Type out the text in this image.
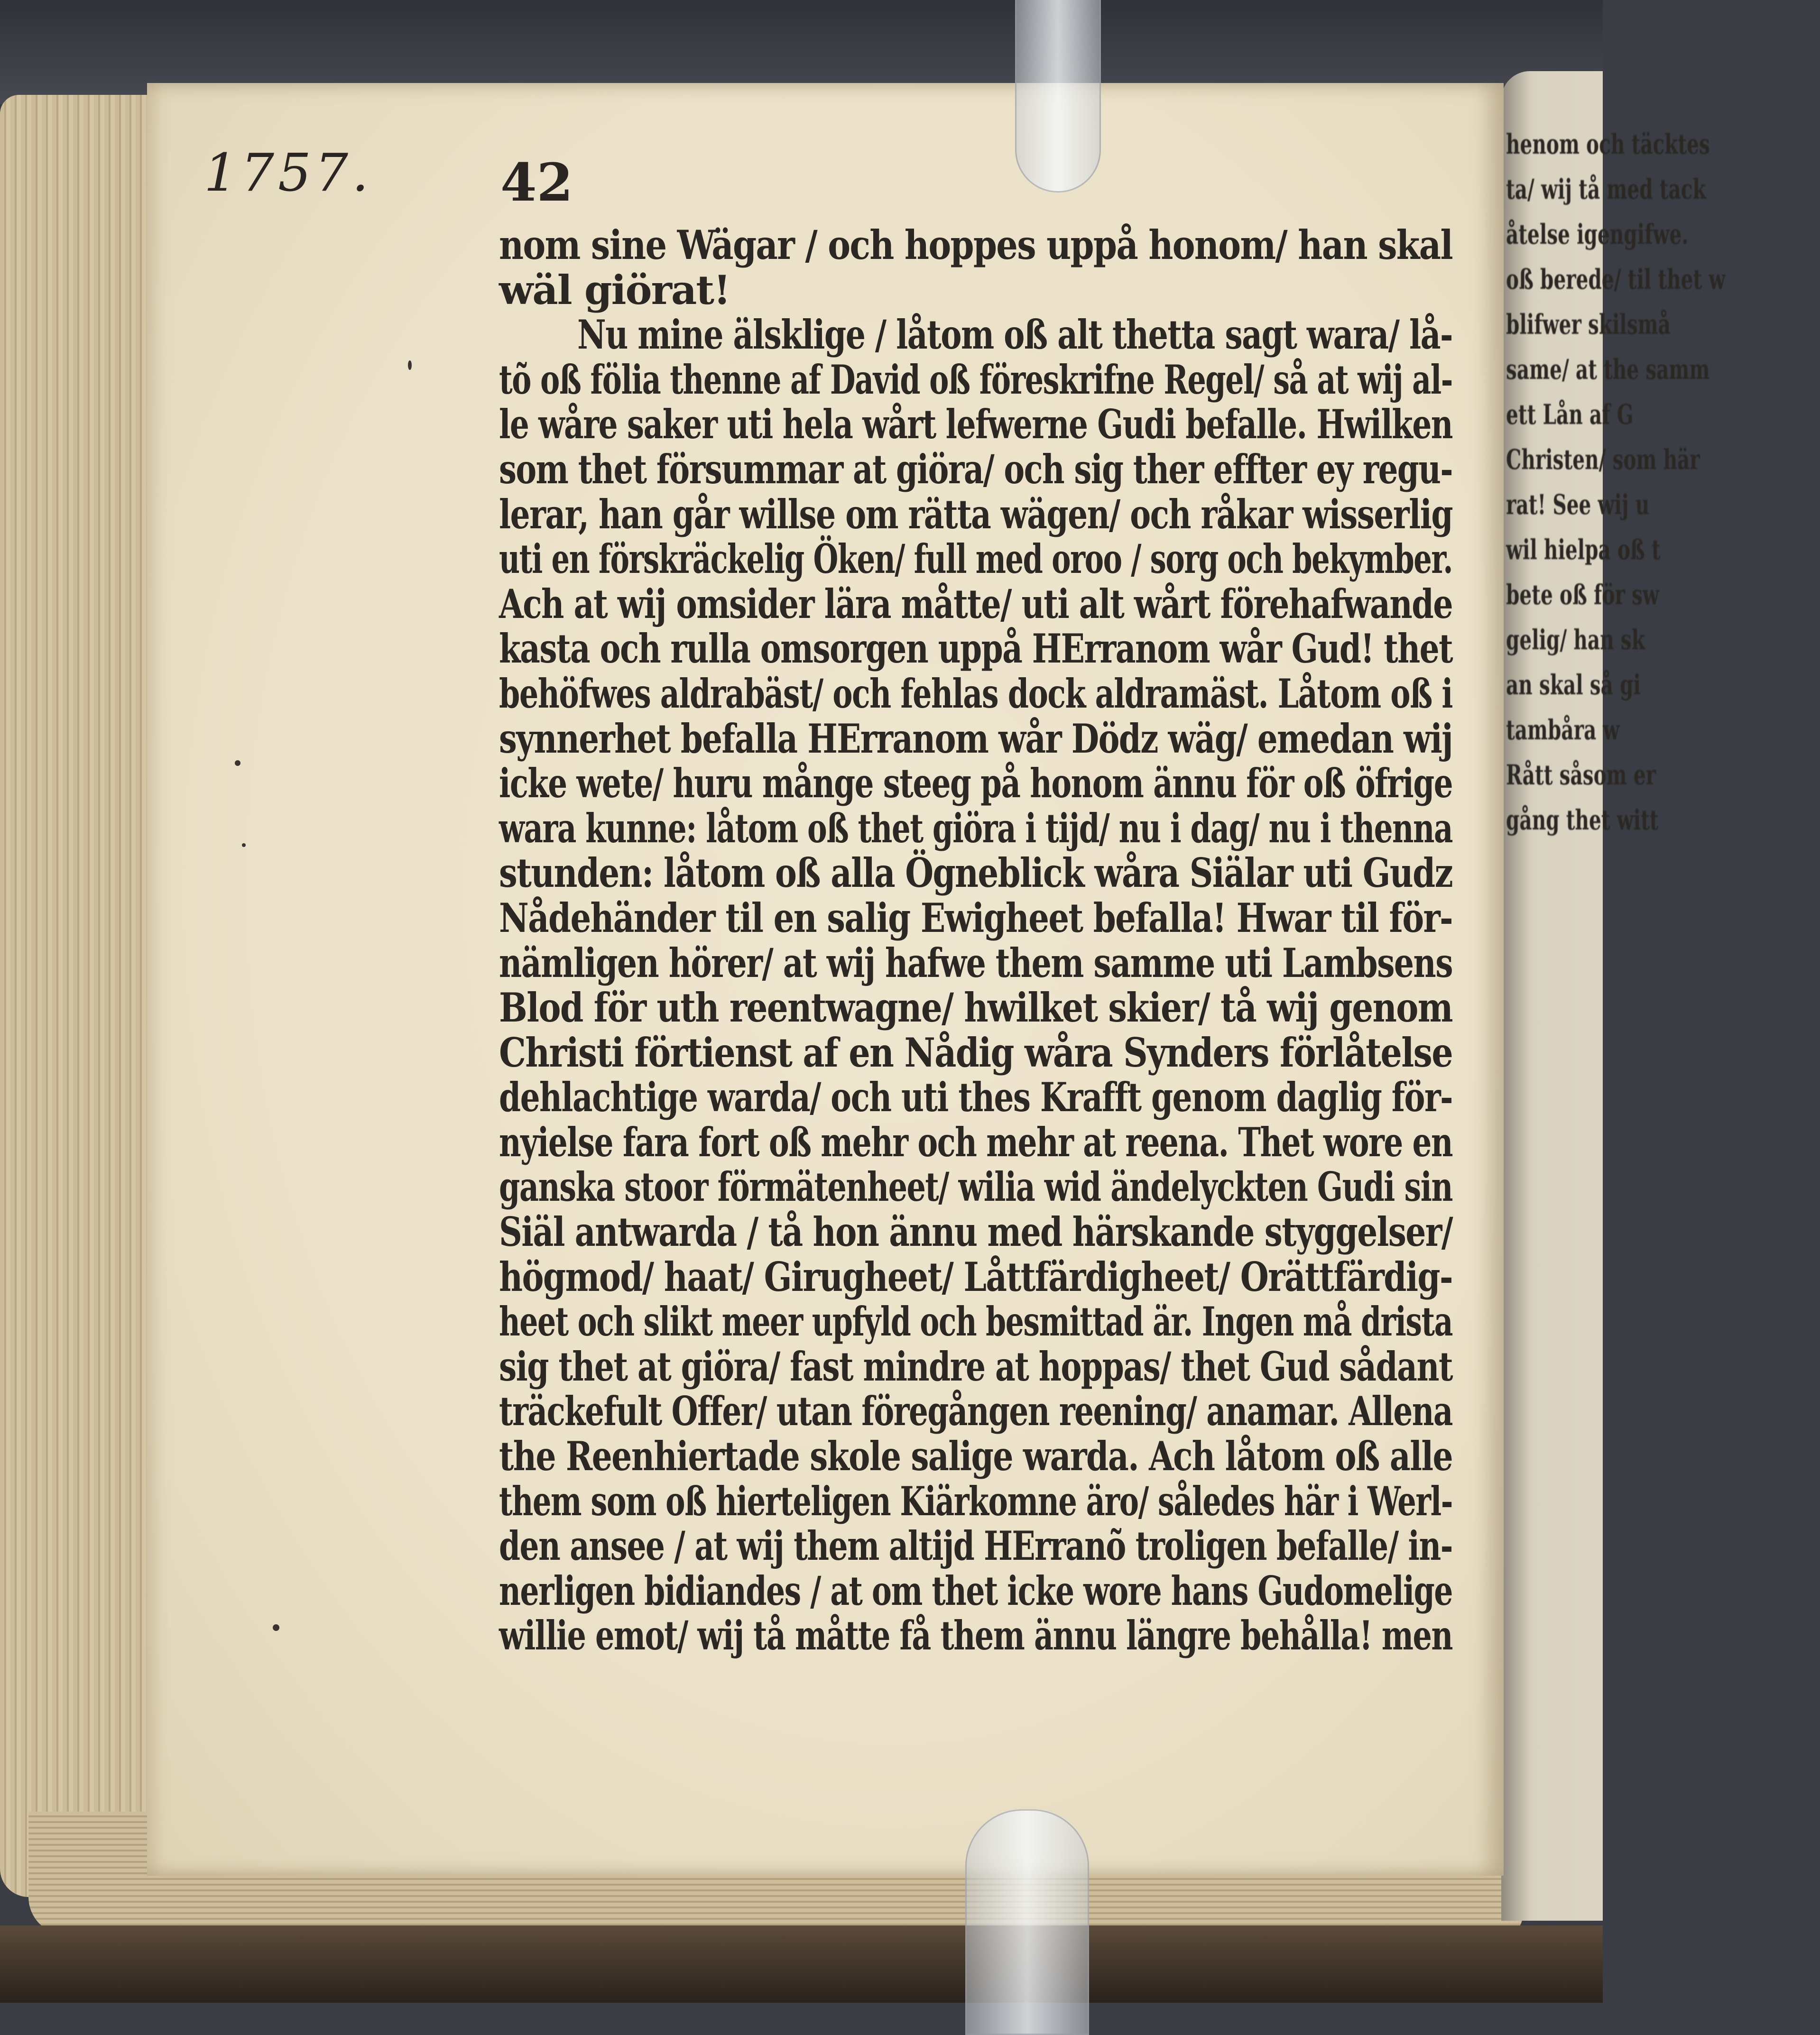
henom och täcktes
ta/ wij tå med tack
åtelse igengifwe.
oß berede/ til thet w
blifwer skilsmå
same/ at the samm
ett Lån af G
Christen/ som här
rat! See wij u
wil hielpa oß t
bete oß för sw
gelig/ han sk
an skal så gi
tambåra w
Rått såsom er
gång thet witt
1757. 42
nom sine Wägar / och hoppes uppå honom/ han skal
wäl giörat!
Nu mine älsklige / låtom oß alt thetta sagt wara/ lå-
tõ oß fölia thenne af David oß föreskrifne Regel/ så at wij al-
le wåre saker uti hela wårt lefwerne Gudi befalle. Hwilken
som thet försummar at giöra/ och sig ther effter ey regu-
lerar, han går willse om rätta wägen/ och råkar wisserlig
uti en förskräckelig Öken/ full med oroo / sorg och bekymber.
Ach at wij omsider lära måtte/ uti alt wårt förehafwande
kasta och rulla omsorgen uppå HErranom wår Gud! thet
behöfwes aldrabäst/ och fehlas dock aldramäst. Låtom oß i
synnerhet befalla HErranom wår Dödz wäg/ emedan wij
icke wete/ huru månge steeg på honom ännu för oß öfrige
wara kunne: låtom oß thet giöra i tijd/ nu i dag/ nu i thenna
stunden: låtom oß alla Ögneblick wåra Siälar uti Gudz
Nådehänder til en salig Ewigheet befalla! Hwar til för-
nämligen hörer/ at wij hafwe them samme uti Lambsens
Blod för uth reentwagne/ hwilket skier/ tå wij genom
Christi förtienst af en Nådig wåra Synders förlåtelse
dehlachtige warda/ och uti thes Krafft genom daglig för-
nyielse fara fort oß mehr och mehr at reena. Thet wore en
ganska stoor förmätenheet/ wilia wid ändelyckten Gudi sin
Siäl antwarda / tå hon ännu med härskande styggelser/
högmod/ haat/ Girugheet/ Låttfärdigheet/ Orättfärdig-
heet och slikt meer upfyld och besmittad är. Ingen må drista
sig thet at giöra/ fast mindre at hoppas/ thet Gud sådant
träckefult Offer/ utan föregången reening/ anamar. Allena
the Reenhiertade skole salige warda. Ach låtom oß alle
them som oß hierteligen Kiärkomne äro/ således här i Werl-
den ansee / at wij them altijd HErranõ troligen befalle/ in-
nerligen bidiandes / at om thet icke wore hans Gudomelige
willie emot/ wij tå måtte få them ännu längre behålla! men
